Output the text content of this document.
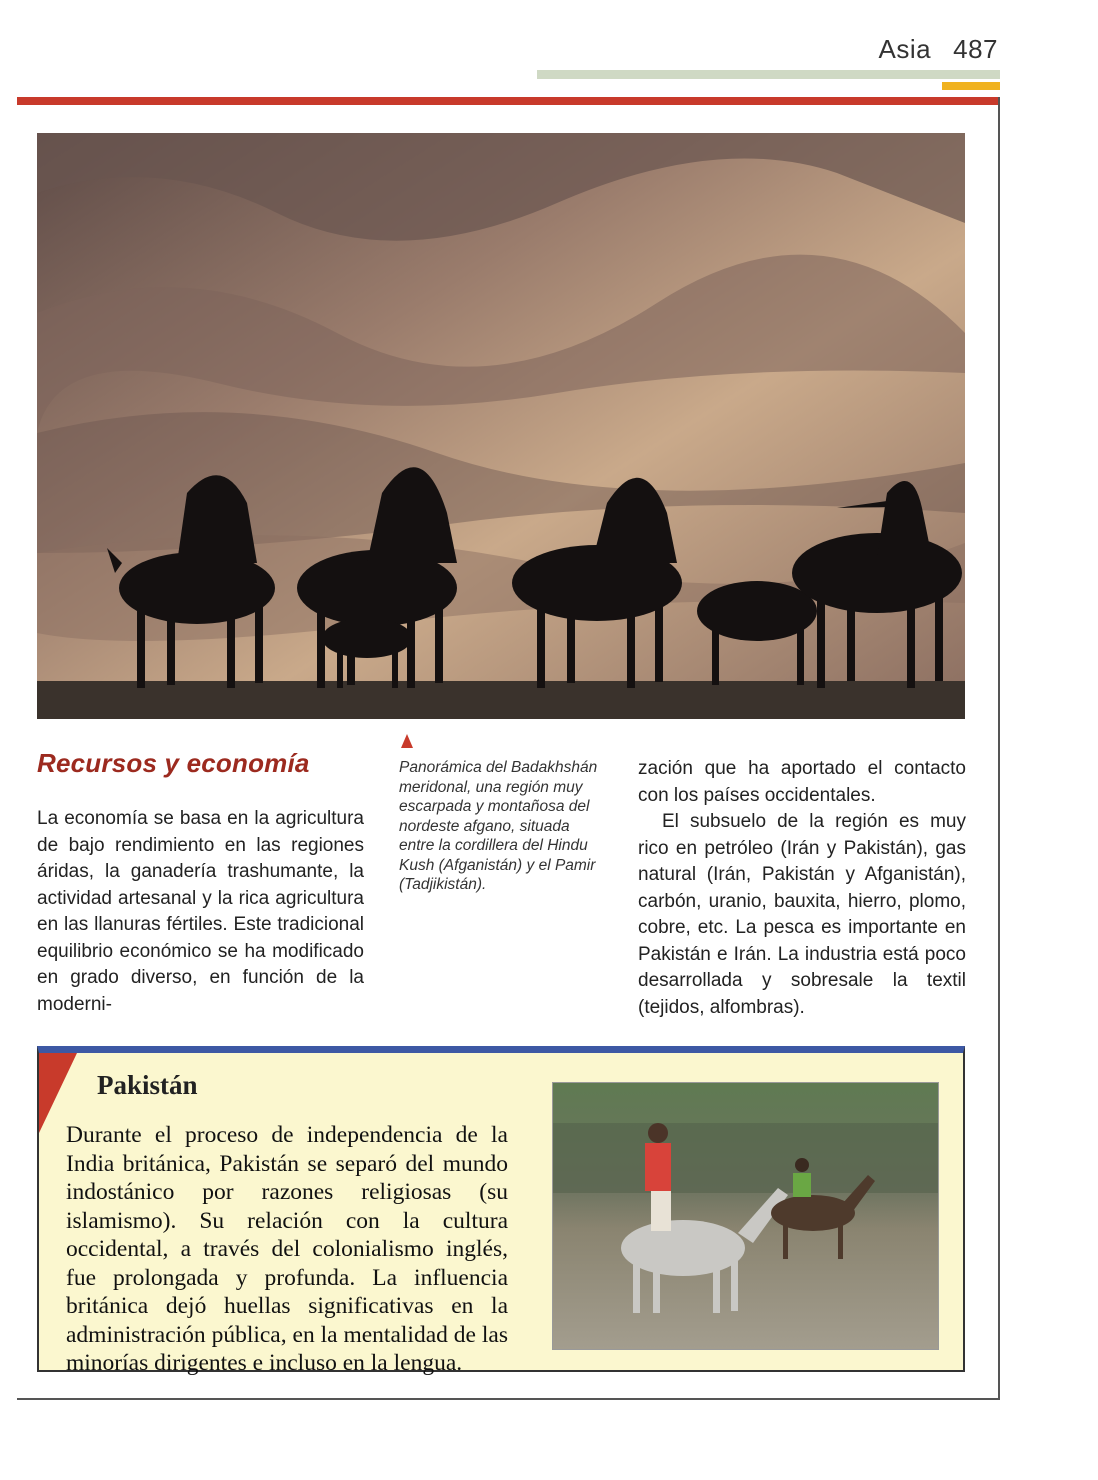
Asia 487
Recursos y economía

La economía se basa en la agricultura de bajo rendimiento en las regiones áridas, la ganadería trashumante, la actividad artesanal y la rica agricultura en las llanuras fértiles. Este tradicional equilibrio económico se ha modificado en grado diverso, en función de la moderni-

Panorámica del Badakhshán meridonal, una región muy escarpada y montañosa del nordeste afgano, situada entre la cordillera del Hindu Kush (Afganistán) y el Pamir (Tadjikistán).

zación que ha aportado el contacto con los países occidentales.

El subsuelo de la región es muy rico en petróleo (Irán y Pakistán), gas natural (Irán, Pakistán y Afganistán), carbón, uranio, bauxita, hierro, plomo, cobre, etc. La pesca es importante en Pakistán e Irán. La industria está poco desarrollada y sobresale la textil (tejidos, alfombras).

Pakistán

Durante el proceso de independencia de la India británica, Pakistán se separó del mundo indostánico por razones religiosas (su islamismo). Su relación con la cultura occidental, a través del colonialismo inglés, fue prolongada y profunda. La influencia británica dejó huellas significativas en la administración pública, en la mentalidad de las minorías dirigentes e incluso en la lengua.
